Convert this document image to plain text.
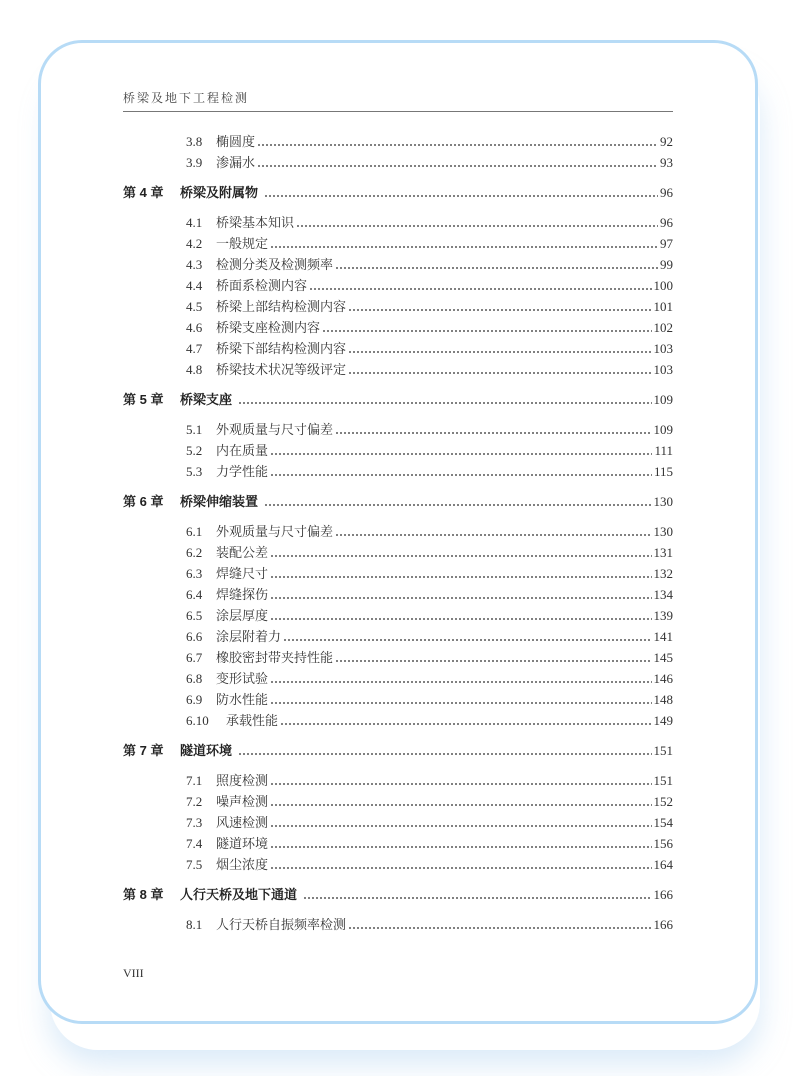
桥梁及地下工程检测
3.8	椭圆度	92
3.9	渗漏水	93
第 4 章	桥梁及附属物	96
4.1	桥梁基本知识	96
4.2	一般规定	97
4.3	检测分类及检测频率	99
4.4	桥面系检测内容	100
4.5	桥梁上部结构检测内容	101
4.6	桥梁支座检测内容	102
4.7	桥梁下部结构检测内容	103
4.8	桥梁技术状况等级评定	103
第 5 章	桥梁支座	109
5.1	外观质量与尺寸偏差	109
5.2	内在质量	111
5.3	力学性能	115
第 6 章	桥梁伸缩装置	130
6.1	外观质量与尺寸偏差	130
6.2	装配公差	131
6.3	焊缝尺寸	132
6.4	焊缝探伤	134
6.5	涂层厚度	139
6.6	涂层附着力	141
6.7	橡胶密封带夹持性能	145
6.8	变形试验	146
6.9	防水性能	148
6.10	承载性能	149
第 7 章	隧道环境	151
7.1	照度检测	151
7.2	噪声检测	152
7.3	风速检测	154
7.4	隧道环境	156
7.5	烟尘浓度	164
第 8 章	人行天桥及地下通道	166
8.1	人行天桥自振频率检测	166
VIII
